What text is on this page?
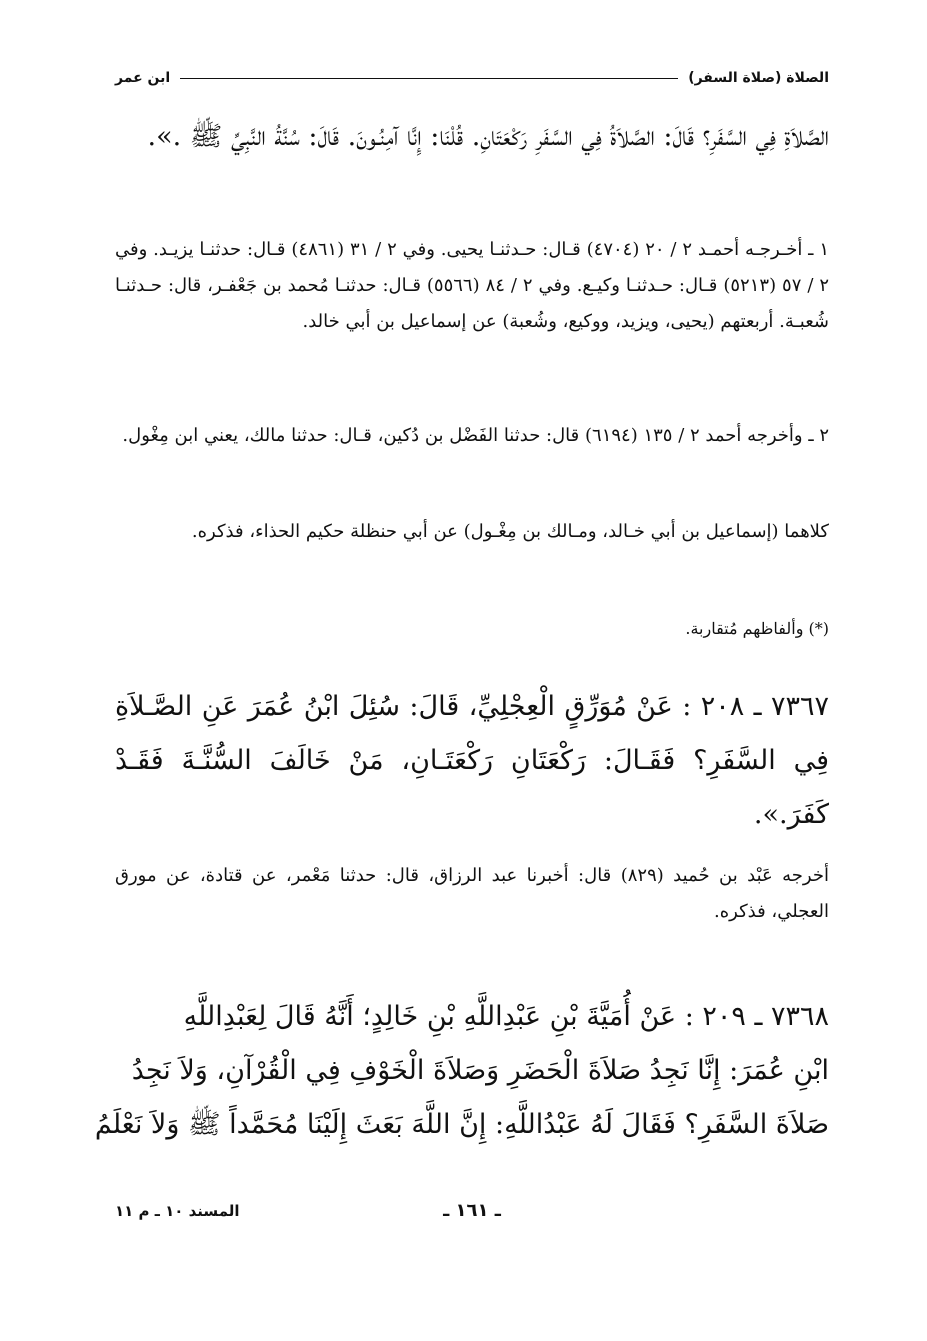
الصلاة (صلاة السفر)
ابن عمر

الصَّلاَةِ فِي السَّفَرِ؟ قَالَ: الصَّلاَةُ فِي السَّفَرِ رَكْعَتَانِ. قُلْنَا: إِنَّا آمِنُـونَ. قَالَ: سُنَّةُ النَّبِيِّ ﷺ .».

١ ـ أخـرجـه أحمـد ٢ / ٢٠ (٤٧٠٤) قـال: حـدثنـا يحيى. وفي ٢ / ٣١ (٤٨٦١) قـال: حدثنـا يزيـد. وفي ٢ / ٥٧ (٥٢١٣) قـال: حـدثنـا وكيـع. وفي ٢ / ٨٤ (٥٥٦٦) قـال: حدثنـا مُحمد بن جَعْفـر، قال: حـدثنـا شُعبـة. أربعتهم (يحيى، ويزيد، ووكيع، وشُعبة) عن إسماعيل بن أبي خالد.

٢ ـ وأخرجه أحمد ٢ / ١٣٥ (٦١٩٤) قال: حدثنا الفَضْل بن دُكين، قـال: حدثنا مالك، يعني ابن مِغْول.

كلاهما (إسماعيل بن أبي خـالد، ومـالك بن مِغْـول) عن أبي حنظلة حكيم الحذاء، فذكره.

(*) وألفاظهم مُتقاربة.

٧٣٦٧ ـ ٢٠٨ : عَنْ مُوَرِّقٍ الْعِجْلِيِّ، قَالَ: سُئِلَ ابْنُ عُمَرَ عَنِ الصَّـلاَةِ فِي السَّفَرِ؟ فَقَـالَ: رَكْعَتَانِ رَكْعَتَـانِ، مَنْ خَالَفَ السُّنَّـةَ فَقَـدْ كَفَرَ.».

أخرجه عَبْد بن حُميد (٨٢٩) قال: أخبرنا عبد الرزاق، قال: حدثنا مَعْمر، عن قتادة، عن مورق العجلي، فذكره.

٧٣٦٨ ـ ٢٠٩ : عَنْ أُمَيَّةَ بْنِ عَبْدِاللَّهِ بْنِ خَالِدٍ؛ أَنَّهُ قَالَ لِعَبْدِاللَّهِ

ابْنِ عُمَرَ: إِنَّا نَجِدُ صَلاَةَ الْحَضَرِ وَصَلاَةَ الْخَوْفِ فِي الْقُرْآنِ، وَلاَ نَجِدُ

صَلاَةَ السَّفَرِ؟ فَقَالَ لَهُ عَبْدُاللَّهِ: إِنَّ اللَّهَ بَعَثَ إِلَيْنَا مُحَمَّداً ﷺ وَلاَ نَعْلَمُ

ـ ١٦١ ـ
المسند ١٠ ـ م ١١
